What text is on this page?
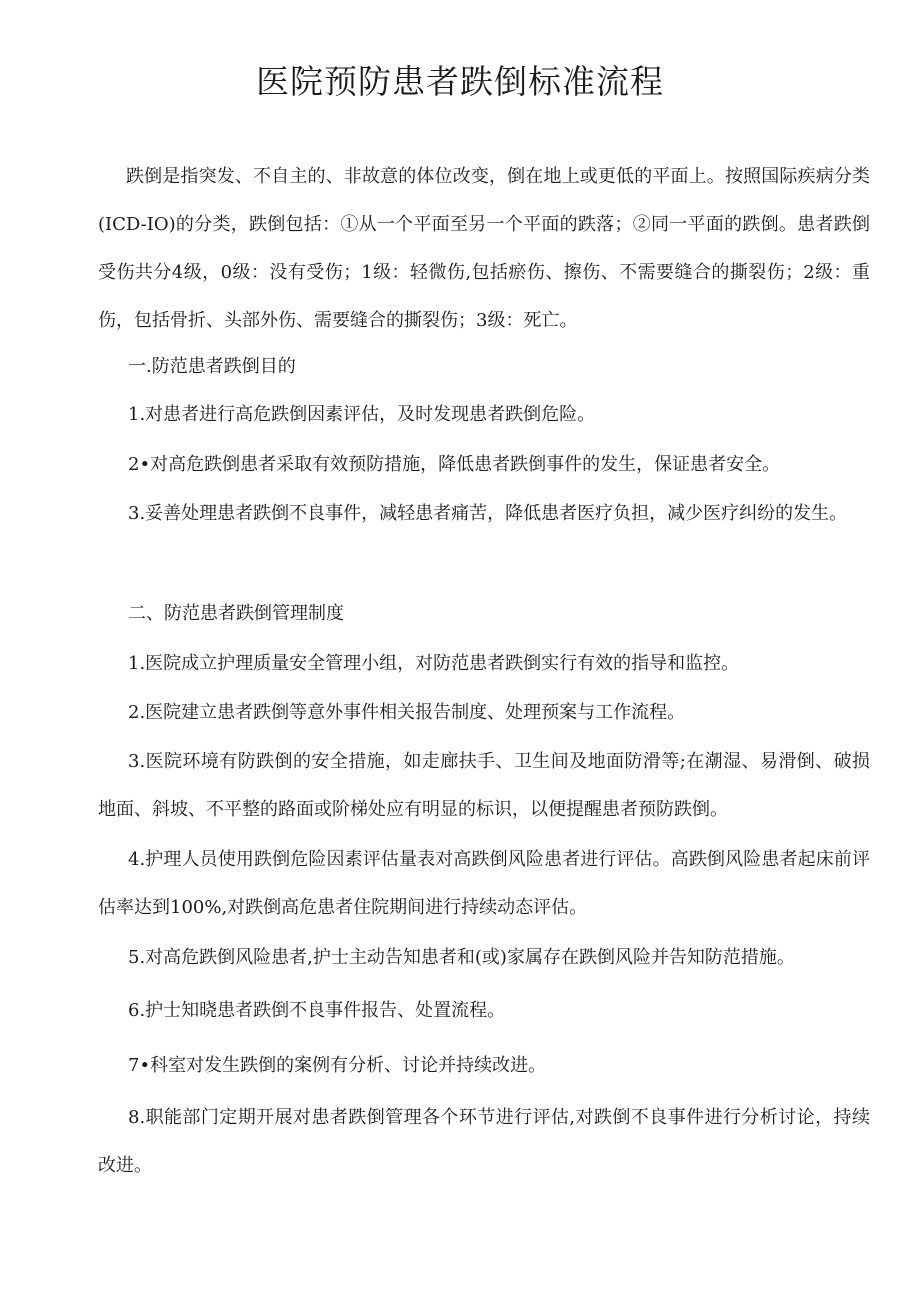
医院预防患者跌倒标准流程

跌倒是指突发、不自主的、非故意的体位改变，倒在地上或更低的平面上。按照国际疾病分类(ICD-IO)的分类，跌倒包括：①从一个平面至另一个平面的跌落；②同一平面的跌倒。患者跌倒受伤共分4级，0级：没有受伤；1级：轻微伤,包括瘀伤、擦伤、不需要缝合的撕裂伤；2级：重伤，包括骨折、头部外伤、需要缝合的撕裂伤；3级：死亡。

一.防范患者跌倒目的

1.对患者进行高危跌倒因素评估，及时发现患者跌倒危险。

2•对高危跌倒患者采取有效预防措施，降低患者跌倒事件的发生，保证患者安全。

3.妥善处理患者跌倒不良事件，减轻患者痛苦，降低患者医疗负担，减少医疗纠纷的发生。

二、防范患者跌倒管理制度

1.医院成立护理质量安全管理小组，对防范患者跌倒实行有效的指导和监控。

2.医院建立患者跌倒等意外事件相关报告制度、处理预案与工作流程。

3.医院环境有防跌倒的安全措施，如走廊扶手、卫生间及地面防滑等;在潮湿、易滑倒、破损地面、斜坡、不平整的路面或阶梯处应有明显的标识，以便提醒患者预防跌倒。

4.护理人员使用跌倒危险因素评估量表对高跌倒风险患者进行评估。高跌倒风险患者起床前评估率达到100%,对跌倒高危患者住院期间进行持续动态评估。

5.对高危跌倒风险患者,护士主动告知患者和(或)家属存在跌倒风险并告知防范措施。

6.护士知晓患者跌倒不良事件报告、处置流程。

7•科室对发生跌倒的案例有分析、讨论并持续改进。

8.职能部门定期开展对患者跌倒管理各个环节进行评估,对跌倒不良事件进行分析讨论，持续改进。
